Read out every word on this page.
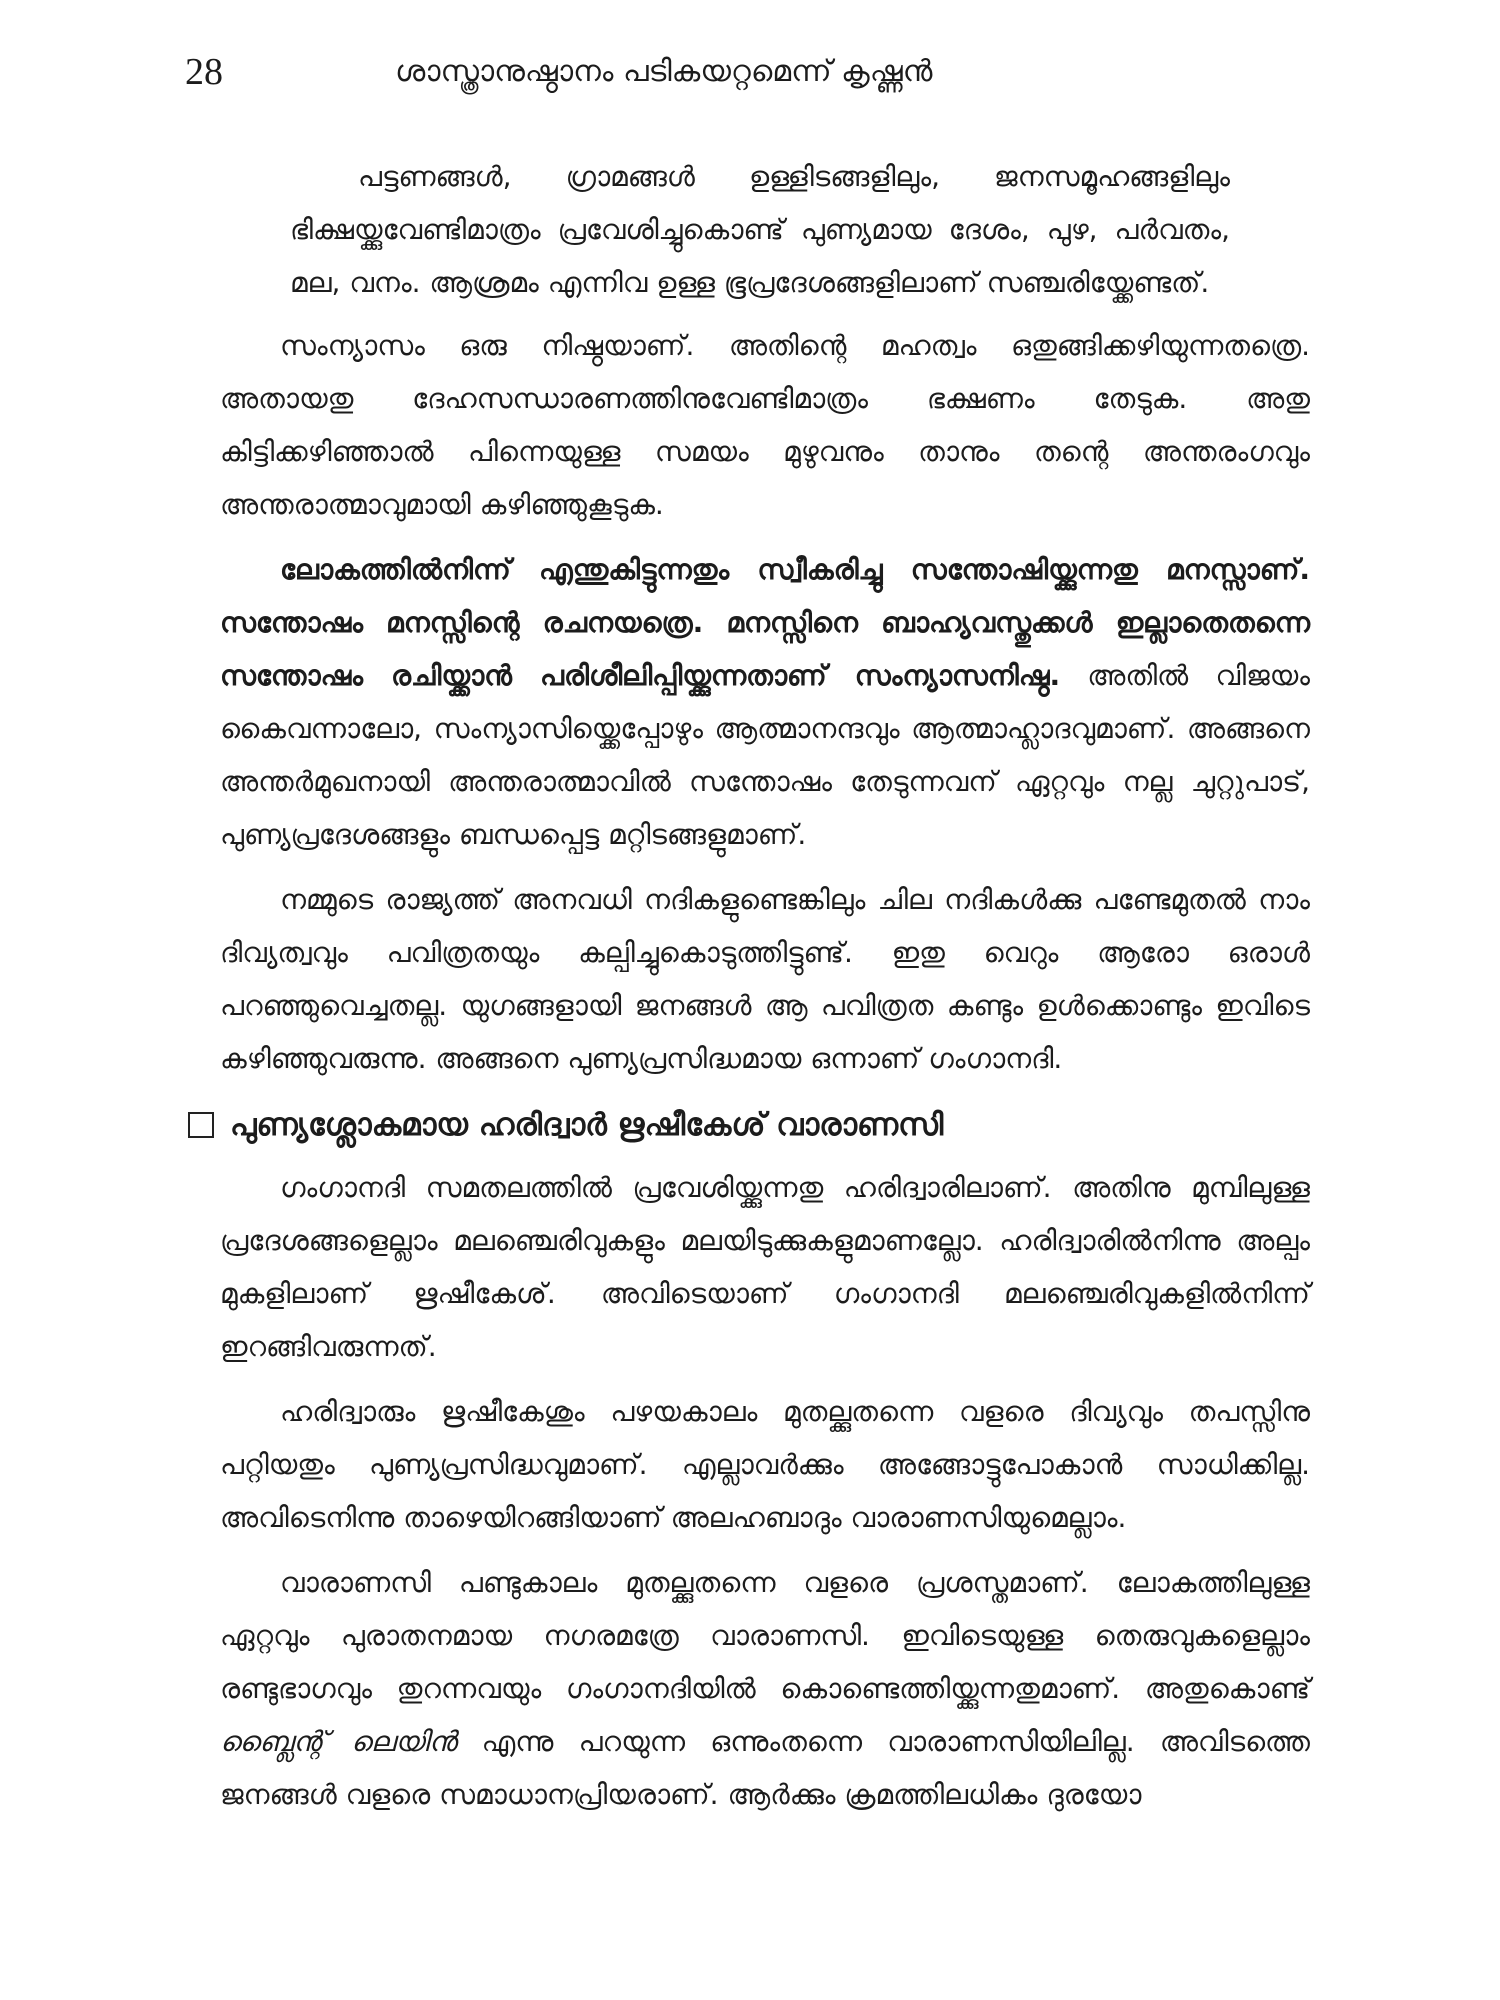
28	ശാസ്ത്രാനുഷ്ഠാനം പടികയറ്റമെന്ന് കൃഷ്ണൻ

പട്ടണങ്ങൾ, ഗ്രാമങ്ങൾ ഉള്ളിടങ്ങളിലും, ജനസമൂഹങ്ങളിലും ഭിക്ഷയ്ക്കുവേണ്ടിമാത്രം പ്രവേശിച്ചുകൊണ്ട് പുണ്യമായ ദേശം, പുഴ, പർവതം, മല, വനം. ആശ്രമം എന്നിവ ഉള്ള ഭൂപ്രദേശങ്ങളിലാണ് സഞ്ചരിയ്ക്കേണ്ടത്.

സംന്യാസം ഒരു നിഷ്ഠയാണ്. അതിന്റെ മഹത്വം ഒതുങ്ങിക്കഴിയുന്നതത്രെ. അതായതു ദേഹസന്ധാരണത്തിനുവേണ്ടിമാത്രം ഭക്ഷണം തേടുക. അതു കിട്ടിക്കഴിഞ്ഞാൽ പിന്നെയുള്ള സമയം മുഴുവനും താനും തന്റെ അന്തരംഗവും അന്തരാത്മാവുമായി കഴിഞ്ഞുകൂടുക.

ലോകത്തിൽനിന്ന് എന്തുകിട്ടുന്നതും സ്വീകരിച്ചു സന്തോഷിയ്ക്കുന്നതു മനസ്സാണ്. സന്തോഷം മനസ്സിന്റെ രചനയത്രെ. മനസ്സിനെ ബാഹ്യവസ്തുക്കൾ ഇല്ലാതെതന്നെ സന്തോഷം രചിയ്ക്കാൻ പരിശീലിപ്പിയ്ക്കുന്നതാണ് സംന്യാസനിഷ്ഠ. അതിൽ വിജയം കൈവന്നാലോ, സംന്യാസിയ്ക്കെപ്പോഴും ആത്മാനന്ദവും ആത്മാഹ്ലാദവുമാണ്. അങ്ങനെ അന്തർമുഖനായി അന്തരാത്മാവിൽ സന്തോഷം തേടുന്നവന് ഏറ്റവും നല്ല ചുറ്റുപാട്, പുണ്യപ്രദേശങ്ങളും ബന്ധപ്പെട്ട മറ്റിടങ്ങളുമാണ്.

നമ്മുടെ രാജ്യത്ത് അനവധി നദികളുണ്ടെങ്കിലും ചില നദികൾക്കു പണ്ടേമുതൽ നാം ദിവ്യത്വവും പവിത്രതയും കല്പിച്ചുകൊടുത്തിട്ടുണ്ട്. ഇതു വെറും ആരോ ഒരാൾ പറഞ്ഞുവെച്ചതല്ല. യുഗങ്ങളായി ജനങ്ങൾ ആ പവിത്രത കണ്ടും ഉൾക്കൊണ്ടും ഇവിടെ കഴിഞ്ഞുവരുന്നു. അങ്ങനെ പുണ്യപ്രസിദ്ധമായ ഒന്നാണ് ഗംഗാനദി.

പുണ്യശ്ലോകമായ ഹരിദ്വാർ ഋഷീകേശ് വാരാണസി

ഗംഗാനദി സമതലത്തിൽ പ്രവേശിയ്ക്കുന്നതു ഹരിദ്വാരിലാണ്. അതിനു മുമ്പിലുള്ള പ്രദേശങ്ങളെല്ലാം മലഞ്ചെരിവുകളും മലയിടുക്കുകളുമാണല്ലോ. ഹരിദ്വാരിൽനിന്നു അല്പം മുകളിലാണ് ഋഷീകേശ്. അവിടെയാണ് ഗംഗാനദി മലഞ്ചെരിവുകളിൽനിന്ന് ഇറങ്ങിവരുന്നത്.

ഹരിദ്വാരും ഋഷീകേശും പഴയകാലം മുതല്ക്കുതന്നെ വളരെ ദിവ്യവും തപസ്സിനു പറ്റിയതും പുണ്യപ്രസിദ്ധവുമാണ്. എല്ലാവർക്കും അങ്ങോട്ടുപോകാൻ സാധിക്കില്ല. അവിടെനിന്നു താഴെയിറങ്ങിയാണ് അലഹബാദും വാരാണസിയുമെല്ലാം.

വാരാണസി പണ്ടുകാലം മുതല്ക്കുതന്നെ വളരെ പ്രശസ്തമാണ്. ലോകത്തിലുള്ള ഏറ്റവും പുരാതനമായ നഗരമത്രേ വാരാണസി. ഇവിടെയുള്ള തെരുവുകളെല്ലാം രണ്ടുഭാഗവും തുറന്നവയും ഗംഗാനദിയിൽ കൊണ്ടെത്തിയ്ക്കുന്നതുമാണ്. അതുകൊണ്ട് ബ്ലൈന്റ് ലെയിൻ എന്നു പറയുന്ന ഒന്നുംതന്നെ വാരാണസിയിലില്ല. അവിടത്തെ ജനങ്ങൾ വളരെ സമാധാനപ്രിയരാണ്. ആർക്കും ക്രമത്തിലധികം ദുരയോ
